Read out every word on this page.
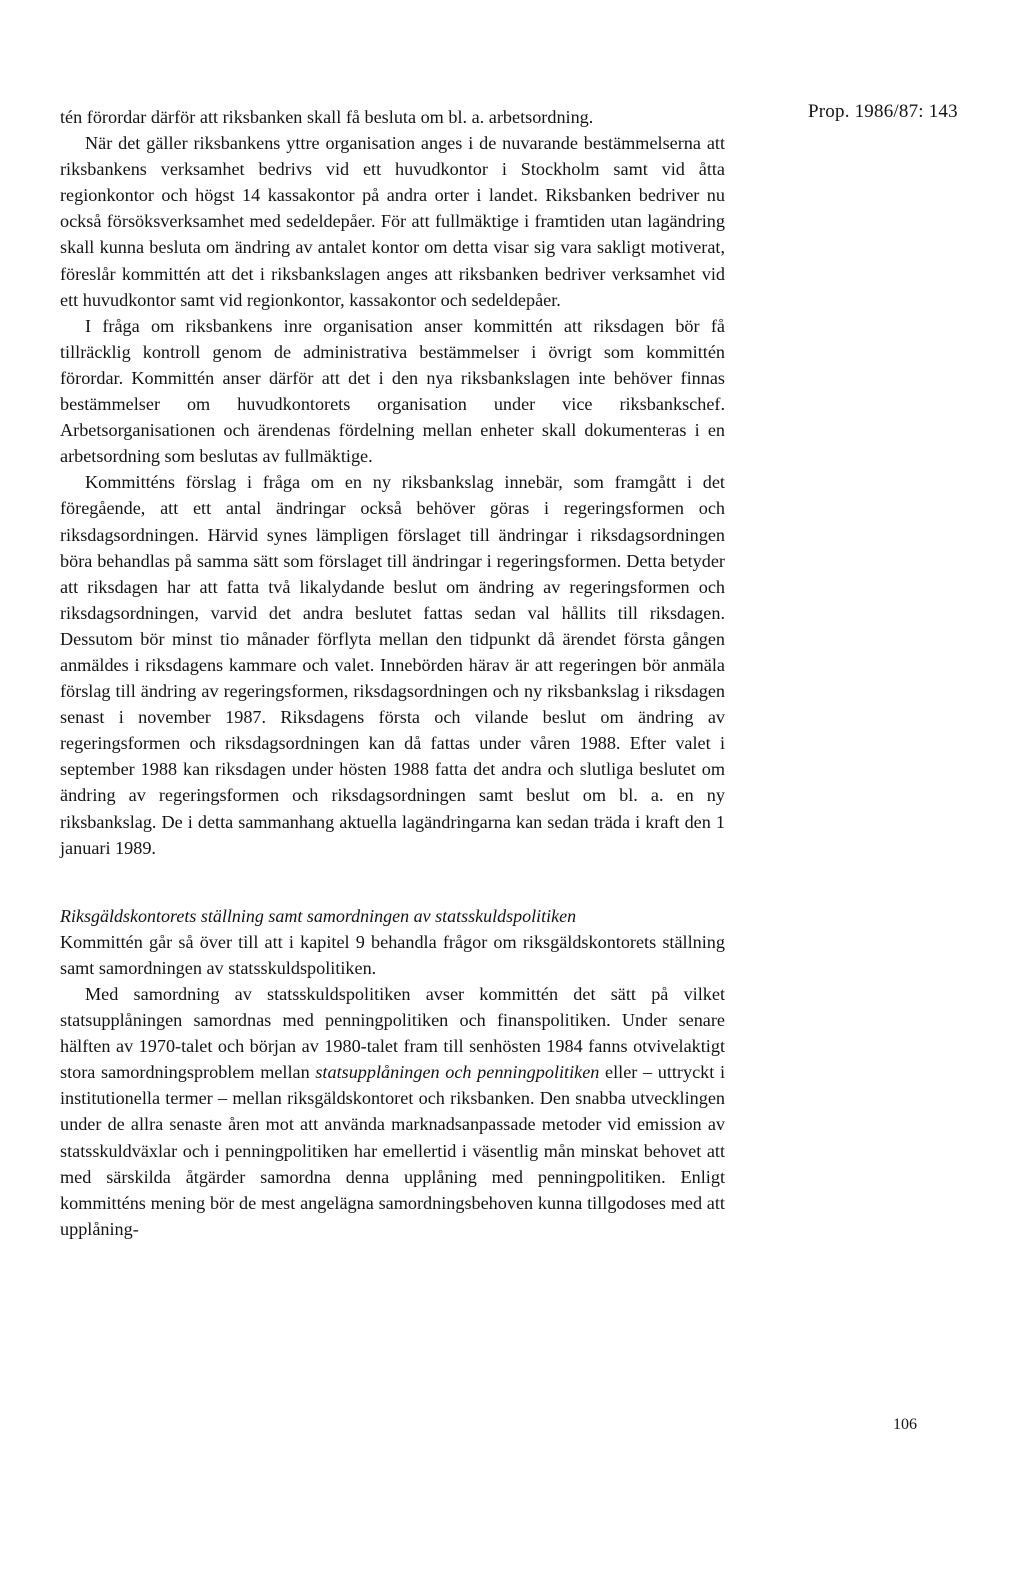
Prop. 1986/87: 143

tén förordar därför att riksbanken skall få besluta om bl. a. arbetsordning.

När det gäller riksbankens yttre organisation anges i de nuvarande bestämmelserna att riksbankens verksamhet bedrivs vid ett huvudkontor i Stockholm samt vid åtta regionkontor och högst 14 kassakontor på andra orter i landet. Riksbanken bedriver nu också försöksverksamhet med sedeldepåer. För att fullmäktige i framtiden utan lagändring skall kunna besluta om ändring av antalet kontor om detta visar sig vara sakligt motiverat, föreslår kommittén att det i riksbankslagen anges att riksbanken bedriver verksamhet vid ett huvudkontor samt vid regionkontor, kassakontor och sedeldepåer.

I fråga om riksbankens inre organisation anser kommittén att riksdagen bör få tillräcklig kontroll genom de administrativa bestämmelser i övrigt som kommittén förordar. Kommittén anser därför att det i den nya riksbankslagen inte behöver finnas bestämmelser om huvudkontorets organisation under vice riksbankschef. Arbetsorganisationen och ärendenas fördelning mellan enheter skall dokumenteras i en arbetsordning som beslutas av fullmäktige.

Kommitténs förslag i fråga om en ny riksbankslag innebär, som framgått i det föregående, att ett antal ändringar också behöver göras i regeringsformen och riksdagsordningen. Härvid synes lämpligen förslaget till ändringar i riksdagsordningen böra behandlas på samma sätt som förslaget till ändringar i regeringsformen. Detta betyder att riksdagen har att fatta två likalydande beslut om ändring av regeringsformen och riksdagsordningen, varvid det andra beslutet fattas sedan val hållits till riksdagen. Dessutom bör minst tio månader förflyta mellan den tidpunkt då ärendet första gången anmäldes i riksdagens kammare och valet. Innebörden härav är att regeringen bör anmäla förslag till ändring av regeringsformen, riksdagsordningen och ny riksbankslag i riksdagen senast i november 1987. Riksdagens första och vilande beslut om ändring av regeringsformen och riksdagsordningen kan då fattas under våren 1988. Efter valet i september 1988 kan riksdagen under hösten 1988 fatta det andra och slutliga beslutet om ändring av regeringsformen och riksdagsordningen samt beslut om bl. a. en ny riksbankslag. De i detta sammanhang aktuella lagändringarna kan sedan träda i kraft den 1 januari 1989.

Riksgäldskontorets ställning samt samordningen av statsskuldspolitiken

Kommittén går så över till att i kapitel 9 behandla frågor om riksgäldskontorets ställning samt samordningen av statsskuldspolitiken.

Med samordning av statsskuldspolitiken avser kommittén det sätt på vilket statsupplåningen samordnas med penningpolitiken och finanspolitiken. Under senare hälften av 1970-talet och början av 1980-talet fram till senhösten 1984 fanns otvivelaktigt stora samordningsproblem mellan statsupplåningen och penningpolitiken eller – uttryckt i institutionella termer – mellan riksgäldskontoret och riksbanken. Den snabba utvecklingen under de allra senaste åren mot att använda marknadsanpassade metoder vid emission av statsskuldväxlar och i penningpolitiken har emellertid i väsentlig mån minskat behovet att med särskilda åtgärder samordna denna upplåning med penningpolitiken. Enligt kommitténs mening bör de mest angelägna samordningsbehoven kunna tillgodoses med att upplåning-

106
